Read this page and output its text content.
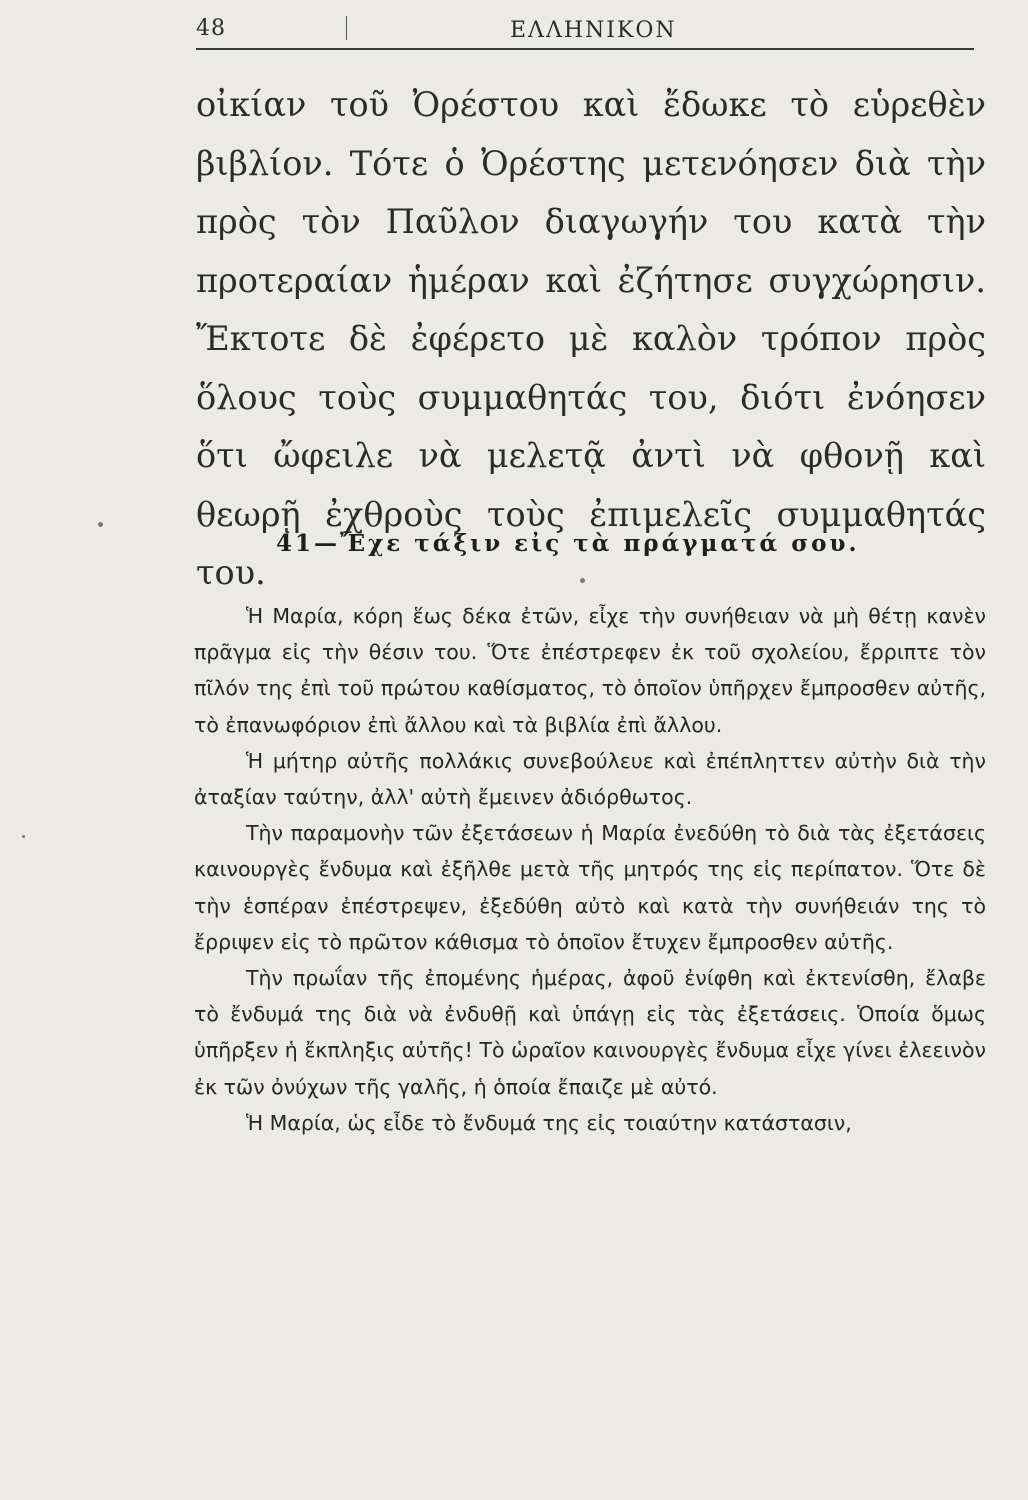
48	ΕΛΛΗΝΙΚΟΝ

οἰκίαν τοῦ Ὀρέστου καὶ ἔδωκε τὸ εὑρεθὲν βιβλίον. Τότε ὁ Ὀρέστης μετενόησεν διὰ τὴν πρὸς τὸν Παῦλον διαγωγήν του κατὰ τὴν προτεραίαν ἡμέραν καὶ ἐζήτησε συγχώρησιν. Ἔκτοτε δὲ ἐφέρετο μὲ καλὸν τρόπον πρὸς ὅλους τοὺς συμμαθητάς του, διότι ἐνόησεν ὅτι ὤφειλε νὰ μελετᾷ ἀντὶ νὰ φθονῇ καὶ θεωρῇ ἐχθροὺς τοὺς ἐπιμελεῖς συμμαθητάς του.

41—Ἔχε τάξιν εἰς τὰ πράγματά σου.

Ἡ Μαρία, κόρη ἕως δέκα ἐτῶν, εἶχε τὴν συνήθειαν νὰ μὴ θέτῃ κανὲν πρᾶγμα εἰς τὴν θέσιν του. Ὅτε ἐπέστρεφεν ἐκ τοῦ σχολείου, ἔρριπτε τὸν πῖλόν της ἐπὶ τοῦ πρώτου καθίσματος, τὸ ὁποῖον ὑπῆρχεν ἔμπροσθεν αὐτῆς, τὸ ἐπανωφόριον ἐπὶ ἄλλου καὶ τὰ βιβλία ἐπὶ ἄλλου.

Ἡ μήτηρ αὐτῆς πολλάκις συνεβούλευε καὶ ἐπέπληττεν αὐτὴν διὰ τὴν ἀταξίαν ταύτην, ἀλλ' αὐτὴ ἔμεινεν ἀδιόρθωτος.

Τὴν παραμονὴν τῶν ἐξετάσεων ἡ Μαρία ἐνεδύθη τὸ διὰ τὰς ἐξετάσεις καινουργὲς ἔνδυμα καὶ ἐξῆλθε μετὰ τῆς μητρός της εἰς περίπατον. Ὅτε δὲ τὴν ἑσπέραν ἐπέστρεψεν, ἐξεδύθη αὐτὸ καὶ κατὰ τὴν συνήθειάν της τὸ ἔρριψεν εἰς τὸ πρῶτον κάθισμα τὸ ὁποῖον ἔτυχεν ἔμπροσθεν αὐτῆς.

Τὴν πρωΐαν τῆς ἐπομένης ἡμέρας, ἀφοῦ ἐνίφθη καὶ ἐκτενίσθη, ἔλαβε τὸ ἔνδυμά της διὰ νὰ ἐνδυθῇ καὶ ὑπάγῃ εἰς τὰς ἐξετάσεις. Ὁποία ὅμως ὑπῆρξεν ἡ ἔκπληξις αὐτῆς! Τὸ ὡραῖον καινουργὲς ἔνδυμα εἶχε γίνει ἐλεεινὸν ἐκ τῶν ὀνύχων τῆς γαλῆς, ἡ ὁποία ἔπαιζε μὲ αὐτό.

Ἡ Μαρία, ὡς εἶδε τὸ ἔνδυμά της εἰς τοιαύτην κατάστασιν,
